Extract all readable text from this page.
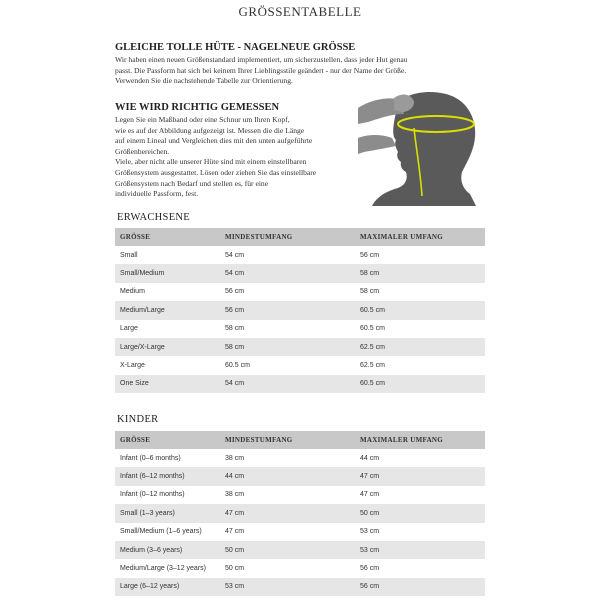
GRÖSSENTABELLE
GLEICHE TOLLE HÜTE - NAGELNEUE GRÖSSE
Wir haben einen neuen Größenstandard implementiert, um sicherzustellen, dass jeder Hut genau
passt. Die Passform hat sich bei keinem Ihrer Lieblingsstile geändert - nur der Name der Größe.
Verwenden Sie die nachstehende Tabelle zur Orientierung.
WIE WIRD RICHTIG GEMESSEN
Legen Sie ein Maßband oder eine Schnur um Ihren Kopf,
wie es auf der Abbildung aufgezeigt ist. Messen die die Länge
auf einem Lineal und Vergleichen dies mit den unten aufgeführte
Größenbereichen.
Viele, aber nicht alle unserer Hüte sind mit einem einstellbaren
Größensystem ausgestattet. Lösen oder ziehen Sie das einstellbare
Größensystem nach Bedarf und stellen es, für eine
individuelle Passform, fest.
ERWACHSENE
GRÖSSE	MINDESTUMFANG	MAXIMALER UMFANG
Small	54 cm	56 cm
Small/Medium	54 cm	58 cm
Medium	56 cm	58 cm
Medium/Large	56 cm	60.5 cm
Large	58 cm	60.5 cm
Large/X-Large	58 cm	62.5 cm
X-Large	60.5 cm	62.5 cm
One Size	54 cm	60.5 cm
KINDER
GRÖSSE	MINDESTUMFANG	MAXIMALER UMFANG
Infant (0–6 months)	38 cm	44 cm
Infant (6–12 months)	44 cm	47 cm
Infant (0–12 months)	38 cm	47 cm
Small (1–3 years)	47 cm	50 cm
Small/Medium (1–6 years)	47 cm	53 cm
Medium (3–6 years)	50 cm	53 cm
Medium/Large (3–12 years)	50 cm	56 cm
Large (6–12 years)	53 cm	56 cm
